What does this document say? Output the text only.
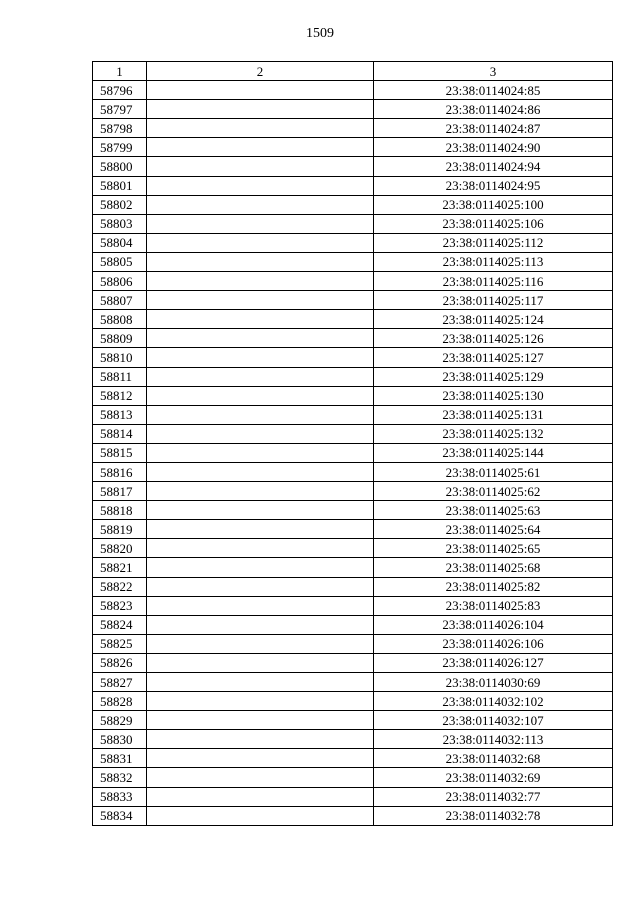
1509
1	2	3
58796		23:38:0114024:85
58797		23:38:0114024:86
58798		23:38:0114024:87
58799		23:38:0114024:90
58800		23:38:0114024:94
58801		23:38:0114024:95
58802		23:38:0114025:100
58803		23:38:0114025:106
58804		23:38:0114025:112
58805		23:38:0114025:113
58806		23:38:0114025:116
58807		23:38:0114025:117
58808		23:38:0114025:124
58809		23:38:0114025:126
58810		23:38:0114025:127
58811		23:38:0114025:129
58812		23:38:0114025:130
58813		23:38:0114025:131
58814		23:38:0114025:132
58815		23:38:0114025:144
58816		23:38:0114025:61
58817		23:38:0114025:62
58818		23:38:0114025:63
58819		23:38:0114025:64
58820		23:38:0114025:65
58821		23:38:0114025:68
58822		23:38:0114025:82
58823		23:38:0114025:83
58824		23:38:0114026:104
58825		23:38:0114026:106
58826		23:38:0114026:127
58827		23:38:0114030:69
58828		23:38:0114032:102
58829		23:38:0114032:107
58830		23:38:0114032:113
58831		23:38:0114032:68
58832		23:38:0114032:69
58833		23:38:0114032:77
58834		23:38:0114032:78
